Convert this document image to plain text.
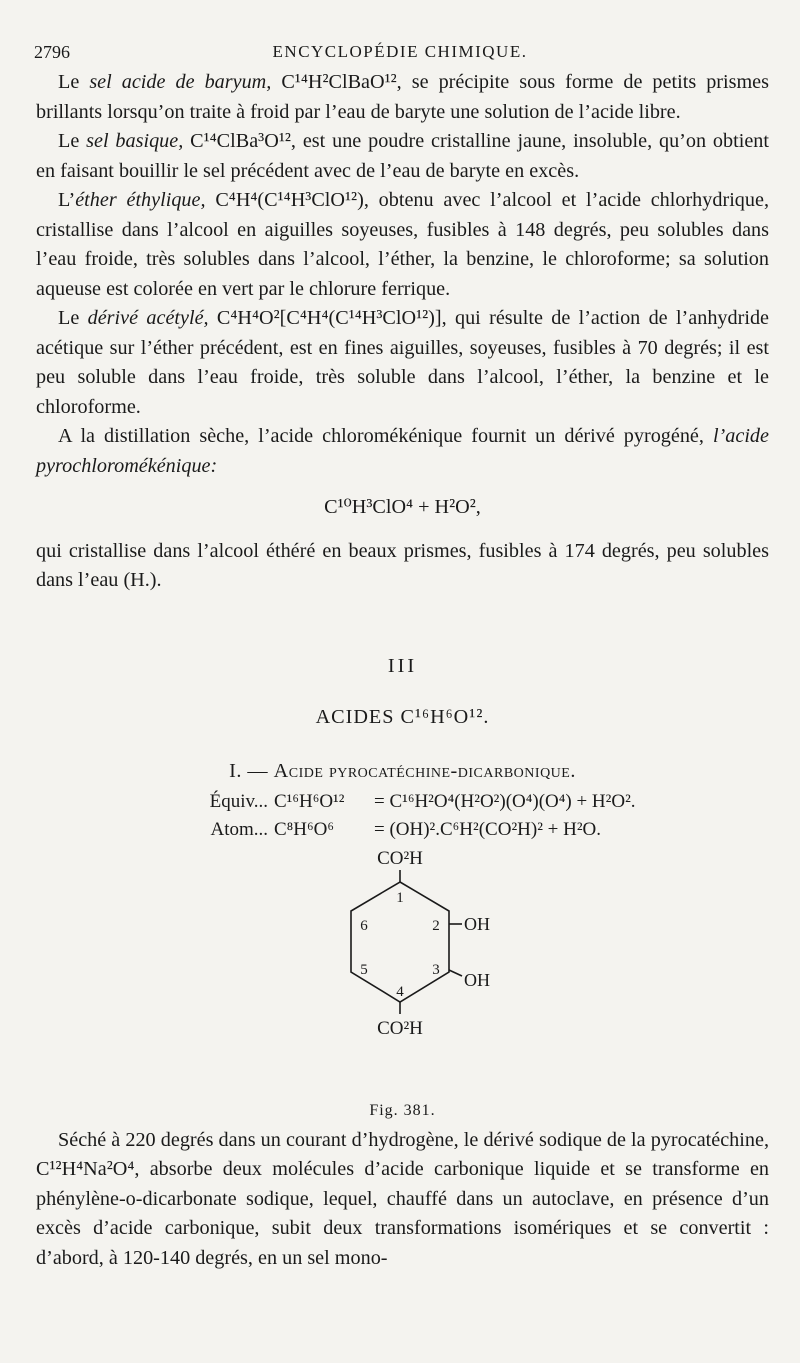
2796	ENCYCLOPÉDIE CHIMIQUE.

Le sel acide de baryum, C¹⁴H²ClBaO¹², se précipite sous forme de petits prismes brillants lorsqu’on traite à froid par l’eau de baryte une solution de l’acide libre.

Le sel basique, C¹⁴ClBa³O¹², est une poudre cristalline jaune, insoluble, qu’on obtient en faisant bouillir le sel précédent avec de l’eau de baryte en excès.

L’éther éthylique, C⁴H⁴(C¹⁴H³ClO¹²), obtenu avec l’alcool et l’acide chlorhydrique, cristallise dans l’alcool en aiguilles soyeuses, fusibles à 148 degrés, peu solubles dans l’eau froide, très solubles dans l’alcool, l’éther, la benzine, le chloroforme; sa solution aqueuse est colorée en vert par le chlorure ferrique.

Le dérivé acétylé, C⁴H⁴O²[C⁴H⁴(C¹⁴H³ClO¹²)], qui résulte de l’action de l’anhydride acétique sur l’éther précédent, est en fines aiguilles, soyeuses, fusibles à 70 degrés; il est peu soluble dans l’eau froide, très soluble dans l’alcool, l’éther, la benzine et le chloroforme.

A la distillation sèche, l’acide chloromékénique fournit un dérivé pyrogéné, l’acide pyrochloromékénique:

C¹⁰H³ClO⁴ + H²O²,

qui cristallise dans l’alcool éthéré en beaux prismes, fusibles à 174 degrés, peu solubles dans l’eau (H.).

III
ACIDES C¹⁶H⁶O¹².
I. — Acide pyrocatéchine-dicarbonique.
Équiv... C¹⁶H⁶O¹²	= C¹⁶H²O⁴(H²O²)(O⁴)(O⁴) + H²O².
Atom... C⁸H⁶O⁶	= (OH)².C⁶H²(CO²H)² + H²O.
CO²H
CO²H
OH
OH
1
2
3
4
5
6
Fig. 381.

Séché à 220 degrés dans un courant d’hydrogène, le dérivé sodique de la pyrocatéchine, C¹²H⁴Na²O⁴, absorbe deux molécules d’acide carbonique liquide et se transforme en phénylène-o-dicarbonate sodique, lequel, chauffé dans un autoclave, en présence d’un excès d’acide carbonique, subit deux transformations isomériques et se convertit : d’abord, à 120-140 degrés, en un sel mono-
